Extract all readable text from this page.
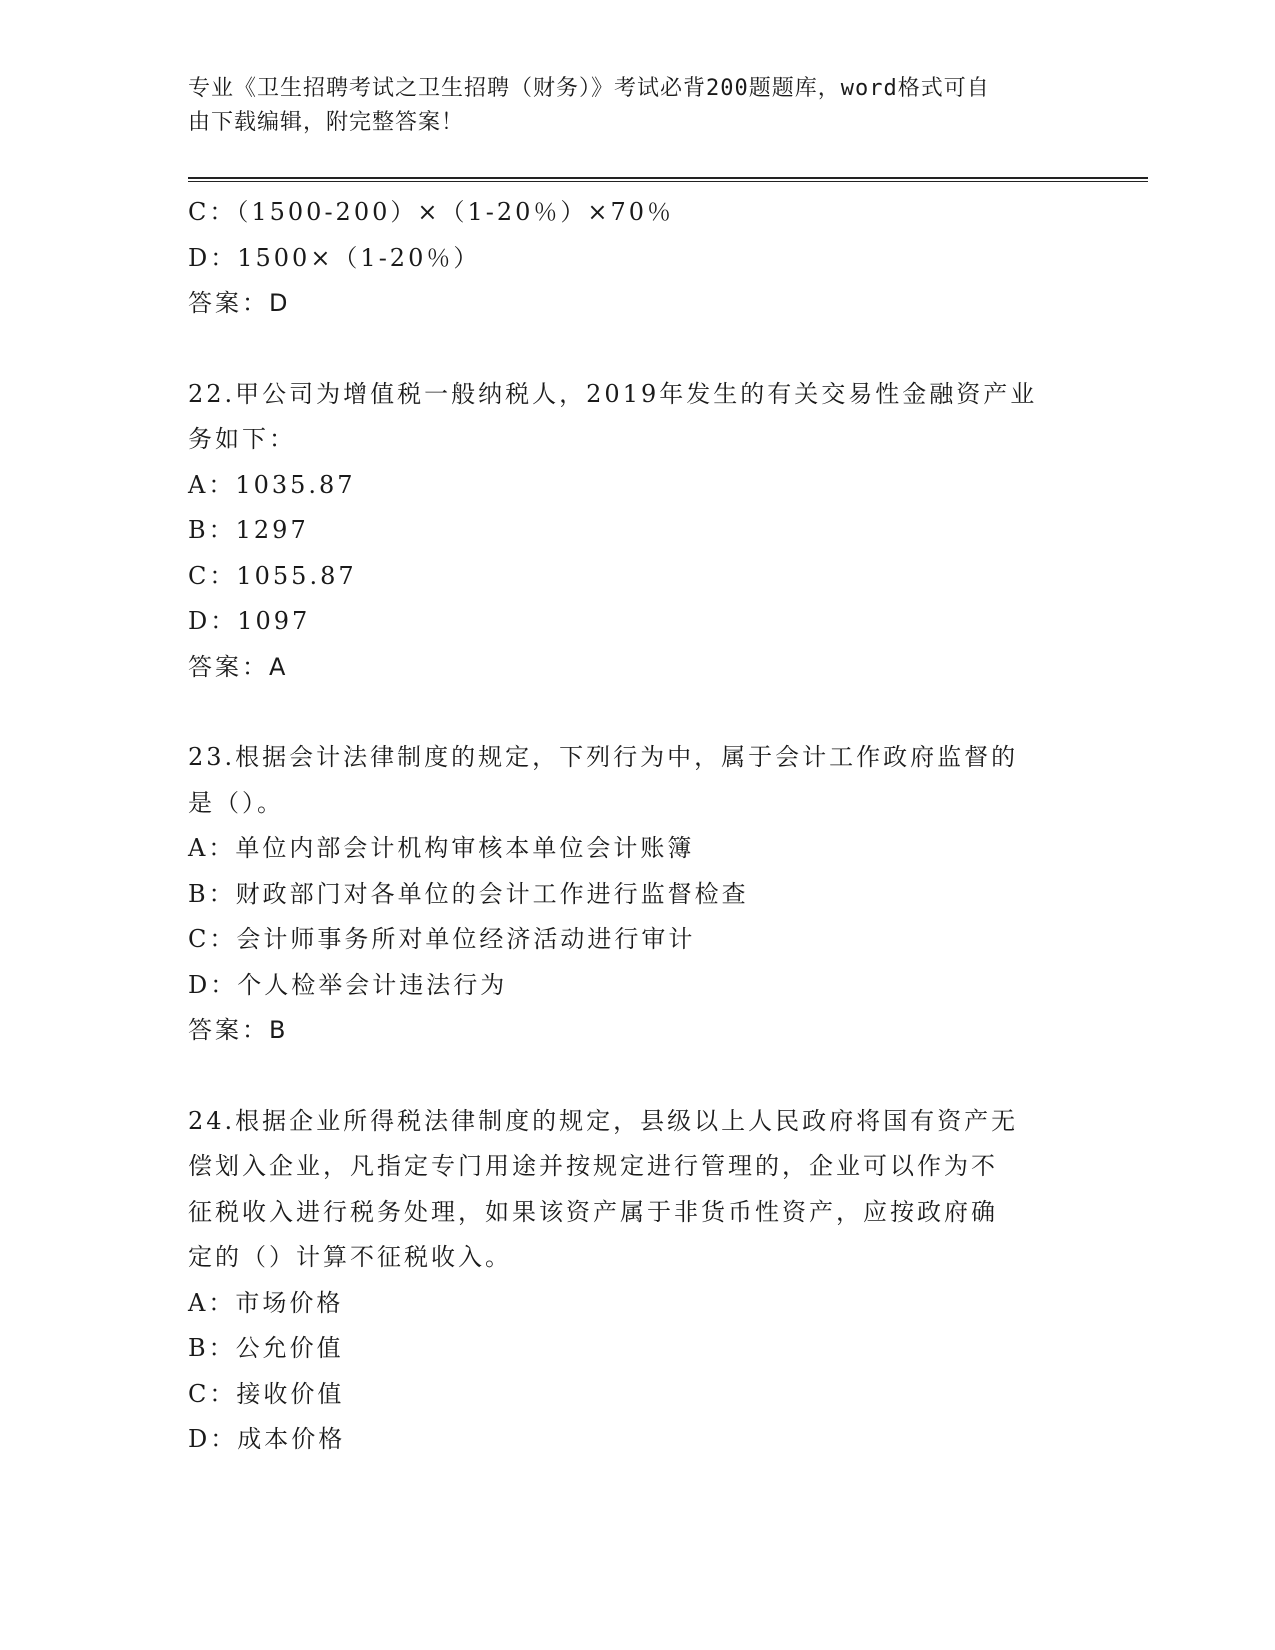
专业《卫生招聘考试之卫生招聘（财务）》考试必背200题题库，word格式可自
由下载编辑，附完整答案！
C：（1500-200）×（1-20％）×70％
D：1500×（1-20％）
答案：D
22.甲公司为增值税一般纳税人，2019年发生的有关交易性金融资产业
务如下：
A：1035.87
B：1297
C：1055.87
D：1097
答案：A
23.根据会计法律制度的规定，下列行为中，属于会计工作政府监督的
是（）。
A：单位内部会计机构审核本单位会计账簿
B：财政部门对各单位的会计工作进行监督检查
C：会计师事务所对单位经济活动进行审计
D：个人检举会计违法行为
答案：B
24.根据企业所得税法律制度的规定，县级以上人民政府将国有资产无
偿划入企业，凡指定专门用途并按规定进行管理的，企业可以作为不
征税收入进行税务处理，如果该资产属于非货币性资产，应按政府确
定的（）计算不征税收入。
A：市场价格
B：公允价值
C：接收价值
D：成本价格
